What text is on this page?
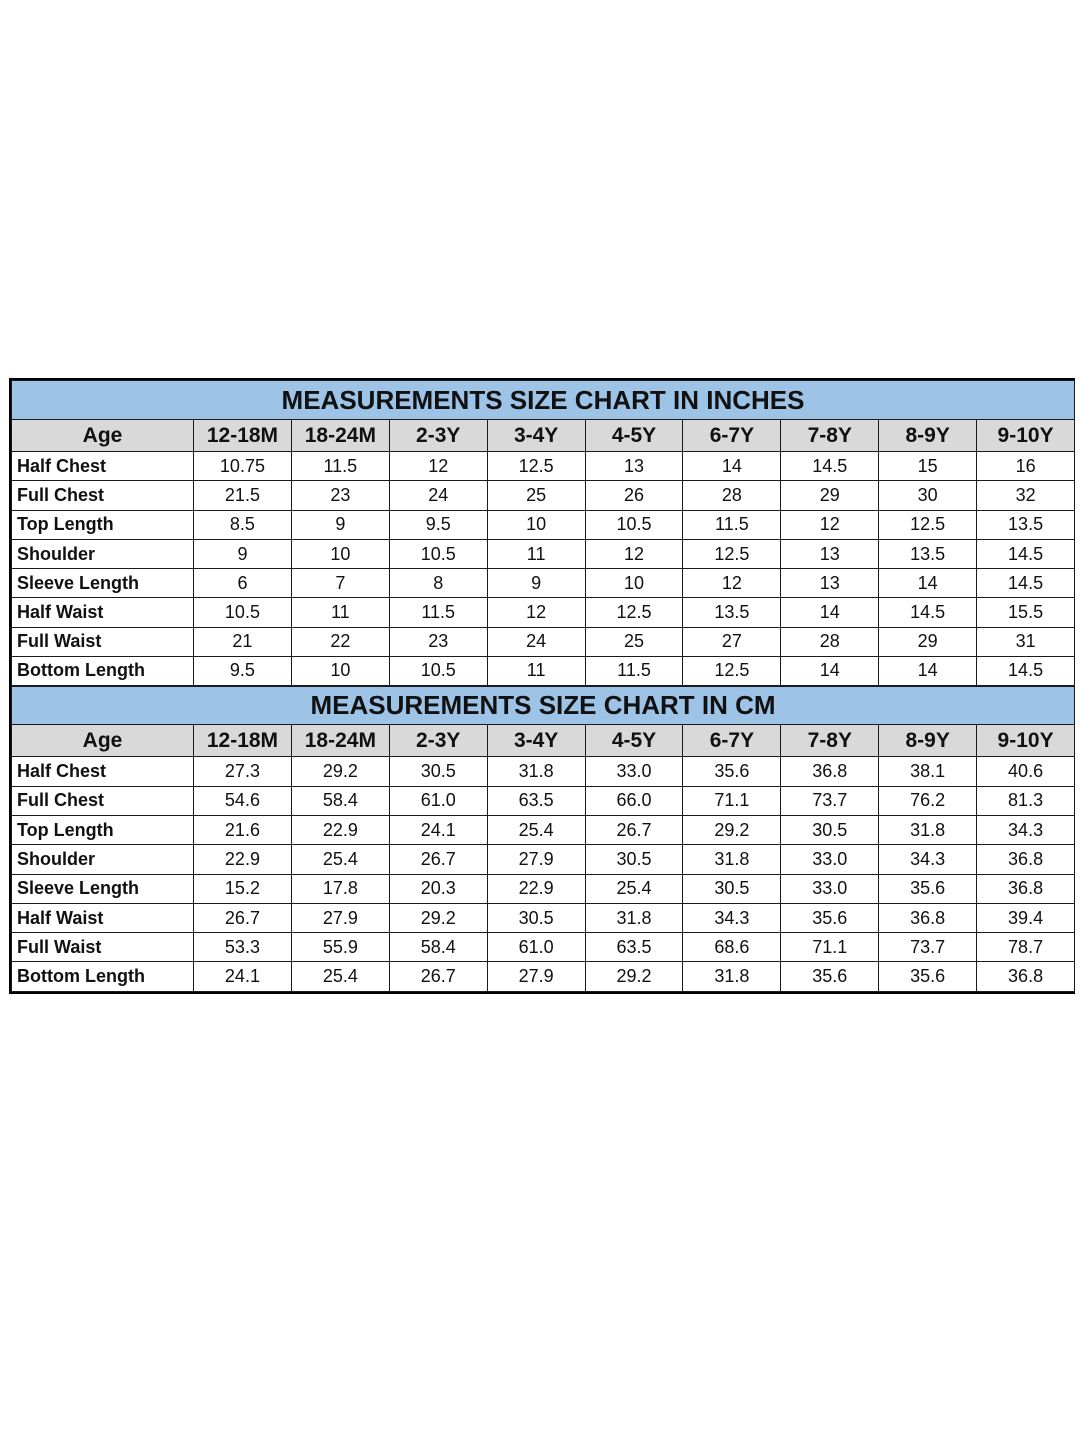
MEASUREMENTS SIZE CHART IN INCHES									
Age	12-18M	18-24M	2-3Y	3-4Y	4-5Y	6-7Y	7-8Y	8-9Y	9-10Y
Half Chest	10.75	11.5	12	12.5	13	14	14.5	15	16
Full Chest	21.5	23	24	25	26	28	29	30	32
Top Length	8.5	9	9.5	10	10.5	11.5	12	12.5	13.5
Shoulder	9	10	10.5	11	12	12.5	13	13.5	14.5
Sleeve Length	6	7	8	9	10	12	13	14	14.5
Half Waist	10.5	11	11.5	12	12.5	13.5	14	14.5	15.5
Full Waist	21	22	23	24	25	27	28	29	31
Bottom Length	9.5	10	10.5	11	11.5	12.5	14	14	14.5
MEASUREMENTS SIZE CHART IN CM									
Age	12-18M	18-24M	2-3Y	3-4Y	4-5Y	6-7Y	7-8Y	8-9Y	9-10Y
Half Chest	27.3	29.2	30.5	31.8	33.0	35.6	36.8	38.1	40.6
Full Chest	54.6	58.4	61.0	63.5	66.0	71.1	73.7	76.2	81.3
Top Length	21.6	22.9	24.1	25.4	26.7	29.2	30.5	31.8	34.3
Shoulder	22.9	25.4	26.7	27.9	30.5	31.8	33.0	34.3	36.8
Sleeve Length	15.2	17.8	20.3	22.9	25.4	30.5	33.0	35.6	36.8
Half Waist	26.7	27.9	29.2	30.5	31.8	34.3	35.6	36.8	39.4
Full Waist	53.3	55.9	58.4	61.0	63.5	68.6	71.1	73.7	78.7
Bottom Length	24.1	25.4	26.7	27.9	29.2	31.8	35.6	35.6	36.8
